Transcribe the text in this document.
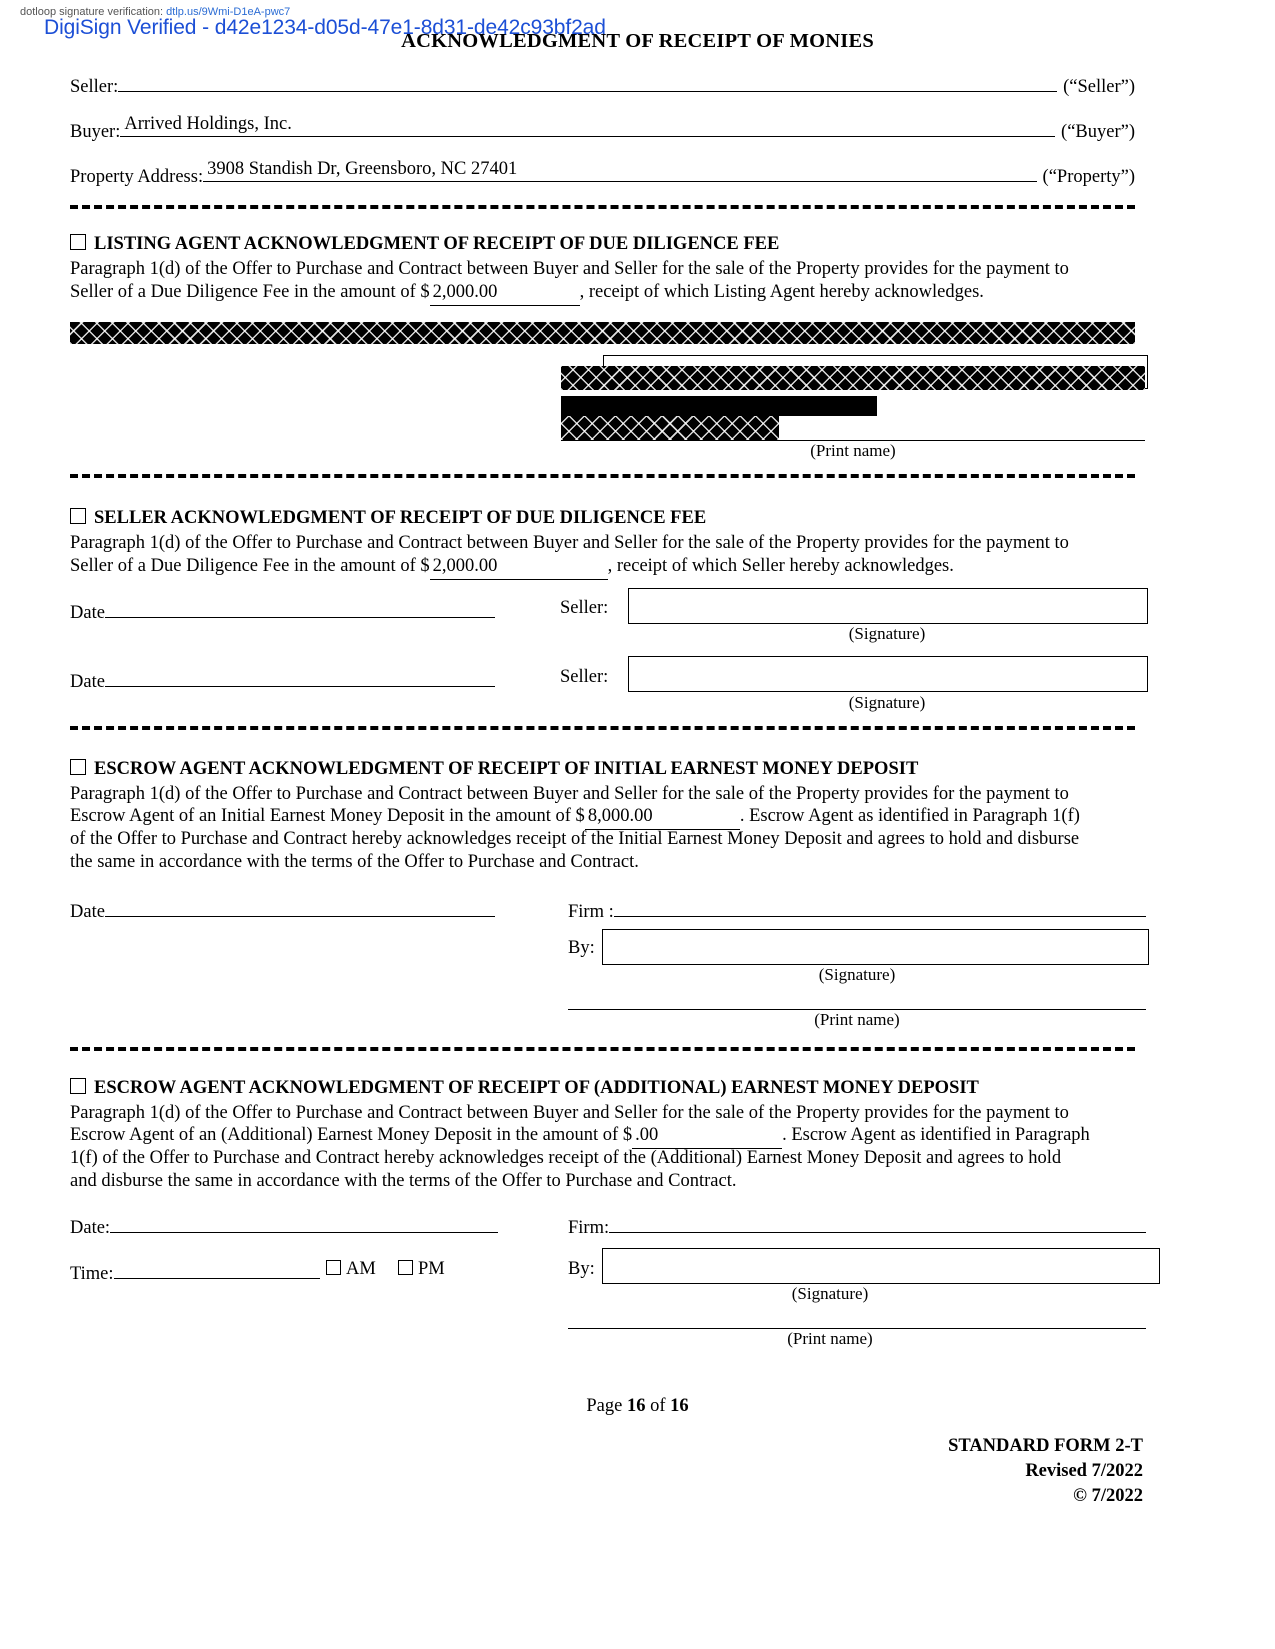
dotloop signature verification: dtlp.us/9Wmi-D1eA-pwc7
DigiSign Verified - d42e1234-d05d-47e1-8d31-de42c93bf2ad
ACKNOWLEDGMENT OF RECEIPT OF MONIES
Seller:	(“Seller”)
Buyer: Arrived Holdings, Inc.	(“Buyer”)
Property Address: 3908 Standish Dr, Greensboro, NC 27401	(“Property”)
LISTING AGENT ACKNOWLEDGMENT OF RECEIPT OF DUE DILIGENCE FEE
Paragraph 1(d) of the Offer to Purchase and Contract between Buyer and Seller for the sale of the Property provides for the payment to
Seller of a Due Diligence Fee in the amount of $ 2,000.00	, receipt of which Listing Agent hereby acknowledges.
(Print name)
SELLER ACKNOWLEDGMENT OF RECEIPT OF DUE DILIGENCE FEE
Paragraph 1(d) of the Offer to Purchase and Contract between Buyer and Seller for the sale of the Property provides for the payment to
Seller of a Due Diligence Fee in the amount of $ 2,000.00	, receipt of which Seller hereby acknowledges.
Date	Seller:
(Signature)
Date	Seller:
(Signature)
ESCROW AGENT ACKNOWLEDGMENT OF RECEIPT OF INITIAL EARNEST MONEY DEPOSIT
Paragraph 1(d) of the Offer to Purchase and Contract between Buyer and Seller for the sale of the Property provides for the payment to
Escrow Agent of an Initial Earnest Money Deposit in the amount of $ 8,000.00	. Escrow Agent as identified in Paragraph 1(f)
of the Offer to Purchase and Contract hereby acknowledges receipt of the Initial Earnest Money Deposit and agrees to hold and disburse
the same in accordance with the terms of the Offer to Purchase and Contract.
Date	Firm :
By:
(Signature)
(Print name)
ESCROW AGENT ACKNOWLEDGMENT OF RECEIPT OF (ADDITIONAL) EARNEST MONEY DEPOSIT
Paragraph 1(d) of the Offer to Purchase and Contract between Buyer and Seller for the sale of the Property provides for the payment to
Escrow Agent of an (Additional) Earnest Money Deposit in the amount of $ .00	. Escrow Agent as identified in Paragraph
1(f) of the Offer to Purchase and Contract hereby acknowledges receipt of the (Additional) Earnest Money Deposit and agrees to hold
and disburse the same in accordance with the terms of the Offer to Purchase and Contract.
Date:	Firm:
Time:	AM	PM	By:
(Signature)
(Print name)
Page 16 of 16
STANDARD FORM 2-T
Revised 7/2022
© 7/2022
